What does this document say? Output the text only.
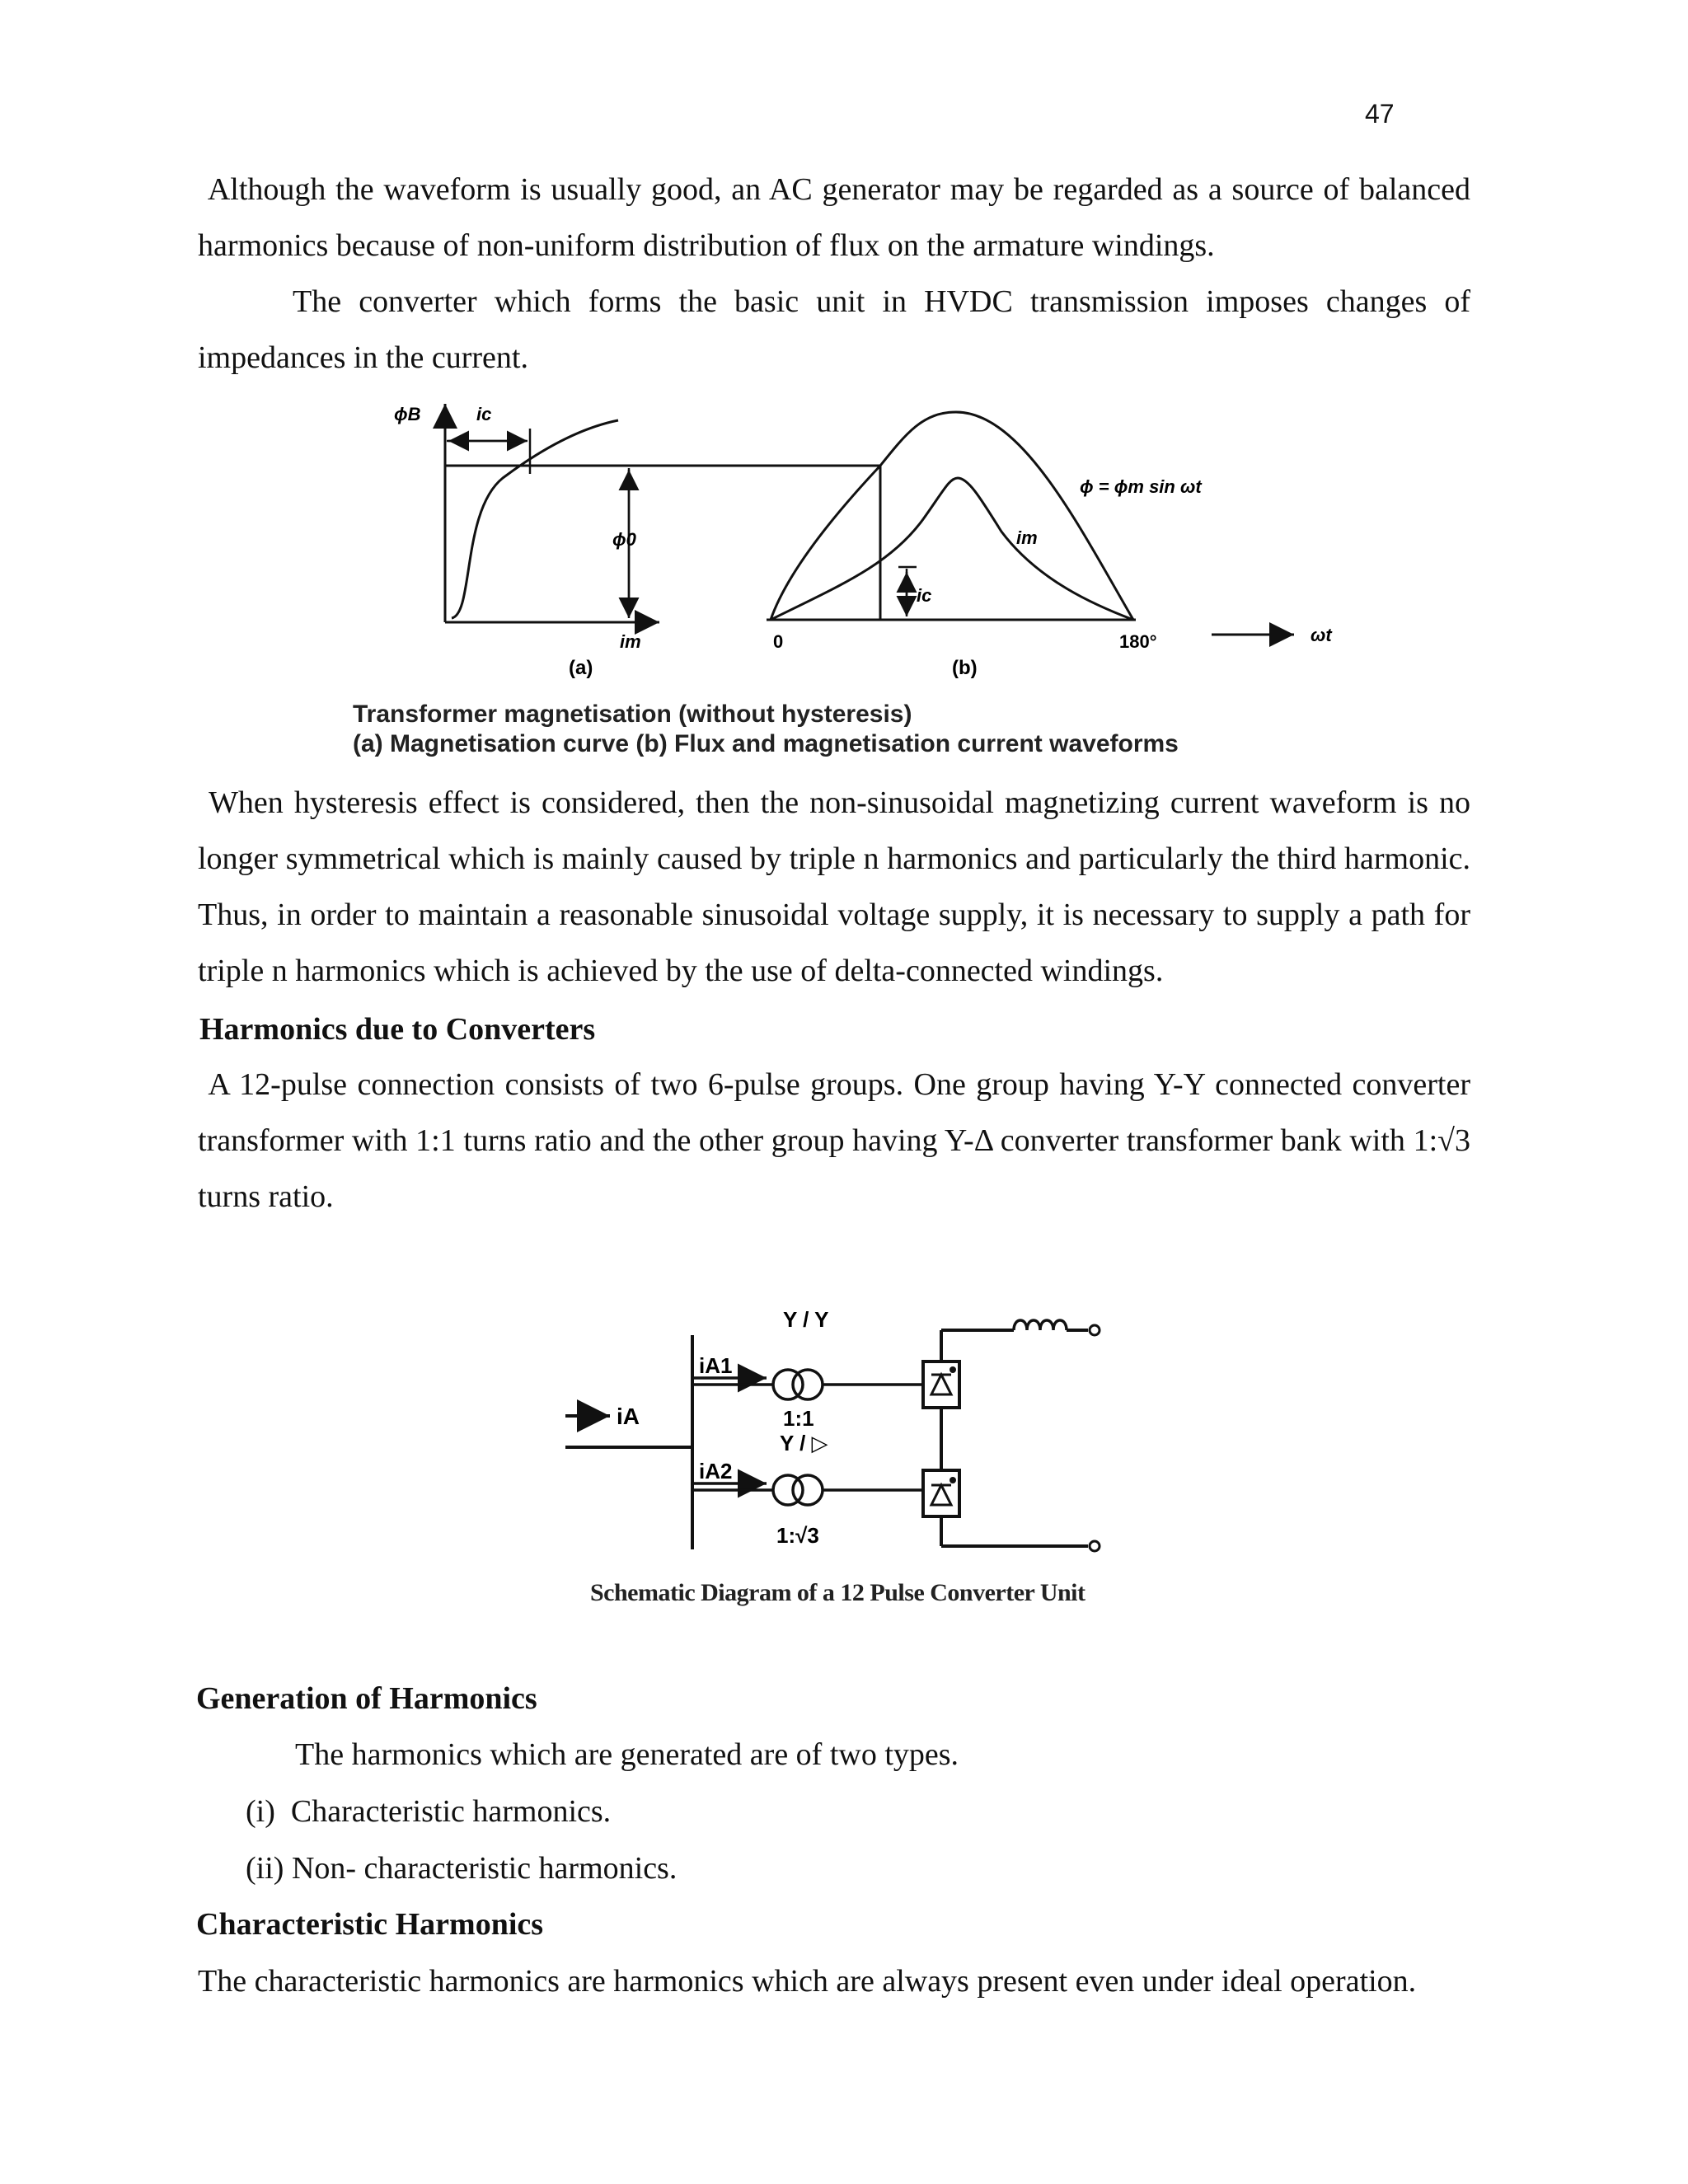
47

Although the waveform is usually good, an AC generator may be regarded as a source of balanced harmonics because of non-uniform distribution of flux on the armature windings.

The converter which forms the basic unit in HVDC transmission imposes changes of impedances in the current.

ϕB	ic
ϕ0
im
(a)
0
ϕ = ϕm sin ωt
im
ic
180°	ωt
(b)

Transformer magnetisation (without hysteresis)

(a) Magnetisation curve (b) Flux and magnetisation current waveforms

When hysteresis effect is considered, then the non-sinusoidal magnetizing current waveform is no longer symmetrical which is mainly caused by triple n harmonics and particularly the third harmonic. Thus, in order to maintain a reasonable sinusoidal voltage supply, it is necessary to supply a path for triple n harmonics which is achieved by the use of delta-connected windings.

Harmonics due to Converters

A 12-pulse connection consists of two 6-pulse groups. One group having Y-Y connected converter transformer with 1:1 turns ratio and the other group having Y-Δ converter transformer bank with 1:√3 turns ratio.

Y / Y
iA1
iA	1:1
Y / ▷
iA2
1:√3

Schematic Diagram of a 12 Pulse Converter Unit

Generation of Harmonics

The harmonics which are generated are of two types.

(i) Characteristic harmonics.

(ii) Non- characteristic harmonics.

Characteristic Harmonics

The characteristic harmonics are harmonics which are always present even under ideal operation.
